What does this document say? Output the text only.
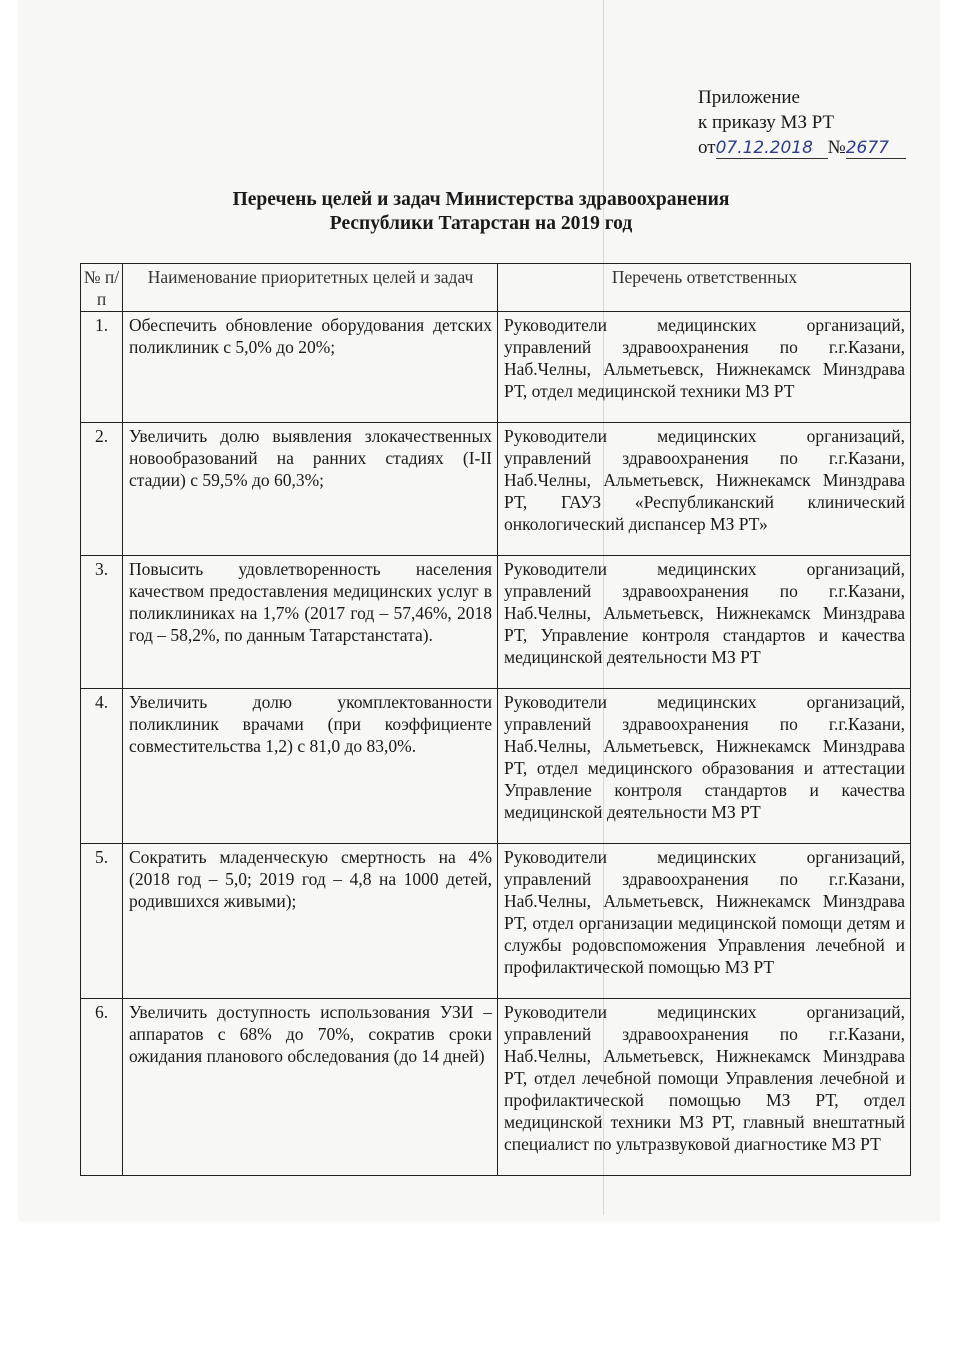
Приложение
к приказу МЗ РТ
от07.12.2018 №2677
Перечень целей и задач Министерства здравоохранения
Республики Татарстан на 2019 год
№ п/п	Наименование приоритетных целей и задач	Перечень ответственных
1.	Обеспечить обновление оборудования детских поликлиник с 5,0% до 20%;	Руководители медицинских организаций, управлений здравоохранения по г.г.Казани, Наб.Челны, Альметьевск, Нижнекамск Минздрава РТ, отдел медицинской техники МЗ РТ
2.	Увеличить долю выявления злокачественных новообразований на ранних стадиях (I-II стадии) с 59,5% до 60,3%;	Руководители медицинских организаций, управлений здравоохранения по г.г.Казани, Наб.Челны, Альметьевск, Нижнекамск Минздрава РТ, ГАУЗ «Республиканский клинический онкологический диспансер МЗ РТ»
3.	Повысить удовлетворенность населения качеством предоставления медицинских услуг в поликлиниках на 1,7% (2017 год – 57,46%, 2018 год – 58,2%, по данным Татарстанстата).	Руководители медицинских организаций, управлений здравоохранения по г.г.Казани, Наб.Челны, Альметьевск, Нижнекамск Минздрава РТ, Управление контроля стандартов и качества медицинской деятельности МЗ РТ
4.	Увеличить долю укомплектованности поликлиник врачами (при коэффициенте совместительства 1,2) с 81,0 до 83,0%.	Руководители медицинских организаций, управлений здравоохранения по г.г.Казани, Наб.Челны, Альметьевск, Нижнекамск Минздрава РТ, отдел медицинского образования и аттестации Управление контроля стандартов и качества медицинской деятельности МЗ РТ
5.	Сократить младенческую смертность на 4% (2018 год – 5,0; 2019 год – 4,8 на 1000 детей, родившихся живыми);	Руководители медицинских организаций, управлений здравоохранения по г.г.Казани, Наб.Челны, Альметьевск, Нижнекамск Минздрава РТ, отдел организации медицинской помощи детям и службы родовспоможения Управления лечебной и профилактической помощью МЗ РТ
6.	Увеличить доступность использования УЗИ – аппаратов с 68% до 70%, сократив сроки ожидания планового обследования (до 14 дней)	Руководители медицинских организаций, управлений здравоохранения по г.г.Казани, Наб.Челны, Альметьевск, Нижнекамск Минздрава РТ, отдел лечебной помощи Управления лечебной и профилактической помощью МЗ РТ, отдел медицинской техники МЗ РТ, главный внештатный специалист по ультразвуковой диагностике МЗ РТ
